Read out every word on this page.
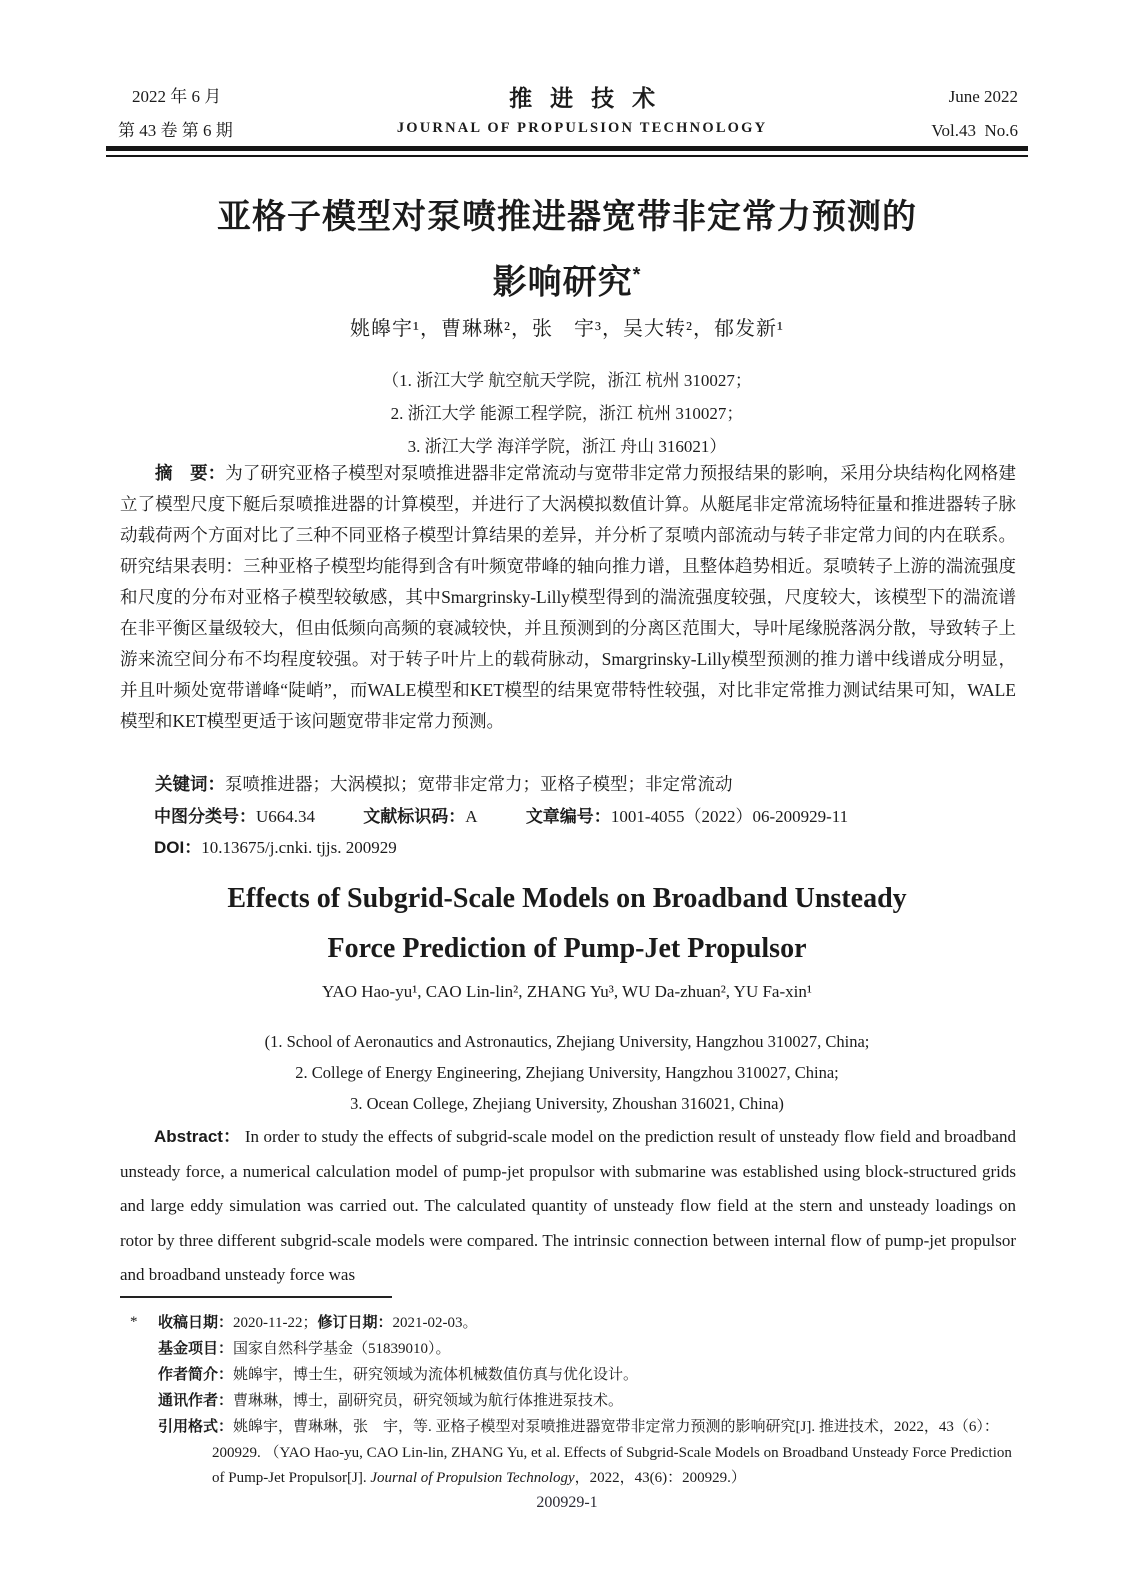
2022 年 6 月
第 43 卷 第 6 期
推进技术
JOURNAL OF PROPULSION TECHNOLOGY
June 2022
Vol.43  No.6
亚格子模型对泵喷推进器宽带非定常力预测的
影响研究*
姚皞宇¹，曹琳琳²，张　宇³，吴大转²，郁发新¹
（1. 浙江大学 航空航天学院，浙江 杭州 310027；
2. 浙江大学 能源工程学院，浙江 杭州 310027；
3. 浙江大学 海洋学院，浙江 舟山 316021）
摘　要：为了研究亚格子模型对泵喷推进器非定常流动与宽带非定常力预报结果的影响，采用分块结构化网格建立了模型尺度下艇后泵喷推进器的计算模型，并进行了大涡模拟数值计算。从艇尾非定常流场特征量和推进器转子脉动载荷两个方面对比了三种不同亚格子模型计算结果的差异，并分析了泵喷内部流动与转子非定常力间的内在联系。研究结果表明：三种亚格子模型均能得到含有叶频宽带峰的轴向推力谱，且整体趋势相近。泵喷转子上游的湍流强度和尺度的分布对亚格子模型较敏感，其中Smargrinsky-Lilly模型得到的湍流强度较强，尺度较大，该模型下的湍流谱在非平衡区量级较大，但由低频向高频的衰减较快，并且预测到的分离区范围大，导叶尾缘脱落涡分散，导致转子上游来流空间分布不均程度较强。对于转子叶片上的载荷脉动，Smargrinsky-Lilly模型预测的推力谱中线谱成分明显，并且叶频处宽带谱峰“陡峭”，而WALE模型和KET模型的结果宽带特性较强，对比非定常推力测试结果可知，WALE模型和KET模型更适于该问题宽带非定常力预测。
关键词：泵喷推进器；大涡模拟；宽带非定常力；亚格子模型；非定常流动
中图分类号：U664.34	文献标识码：A	文章编号：1001-4055（2022）06-200929-11
DOI：10.13675/j.cnki. tjjs. 200929
Effects of Subgrid-Scale Models on Broadband Unsteady
Force Prediction of Pump-Jet Propulsor
YAO Hao-yu¹, CAO Lin-lin², ZHANG Yu³, WU Da-zhuan², YU Fa-xin¹
(1. School of Aeronautics and Astronautics, Zhejiang University, Hangzhou 310027, China;
2. College of Energy Engineering, Zhejiang University, Hangzhou 310027, China;
3. Ocean College, Zhejiang University, Zhoushan 316021, China)
Abstract： In order to study the effects of subgrid-scale model on the prediction result of unsteady flow field and broadband unsteady force, a numerical calculation model of pump-jet propulsor with submarine was established using block-structured grids and large eddy simulation was carried out. The calculated quantity of unsteady flow field at the stern and unsteady loadings on rotor by three different subgrid-scale models were compared. The intrinsic connection between internal flow of pump-jet propulsor and broadband unsteady force was
* 收稿日期：2020-11-22；修订日期：2021-02-03。
基金项目：国家自然科学基金（51839010）。
作者简介：姚皞宇，博士生，研究领域为流体机械数值仿真与优化设计。
通讯作者：曹琳琳，博士，副研究员，研究领域为航行体推进泵技术。
引用格式：姚皞宇，曹琳琳，张　宇，等. 亚格子模型对泵喷推进器宽带非定常力预测的影响研究[J]. 推进技术，2022，43（6）：200929. （YAO Hao-yu, CAO Lin-lin, ZHANG Yu, et al. Effects of Subgrid-Scale Models on Broadband Unsteady Force Prediction of Pump-Jet Propulsor[J]. Journal of Propulsion Technology，2022，43(6)：200929.）
200929-1
